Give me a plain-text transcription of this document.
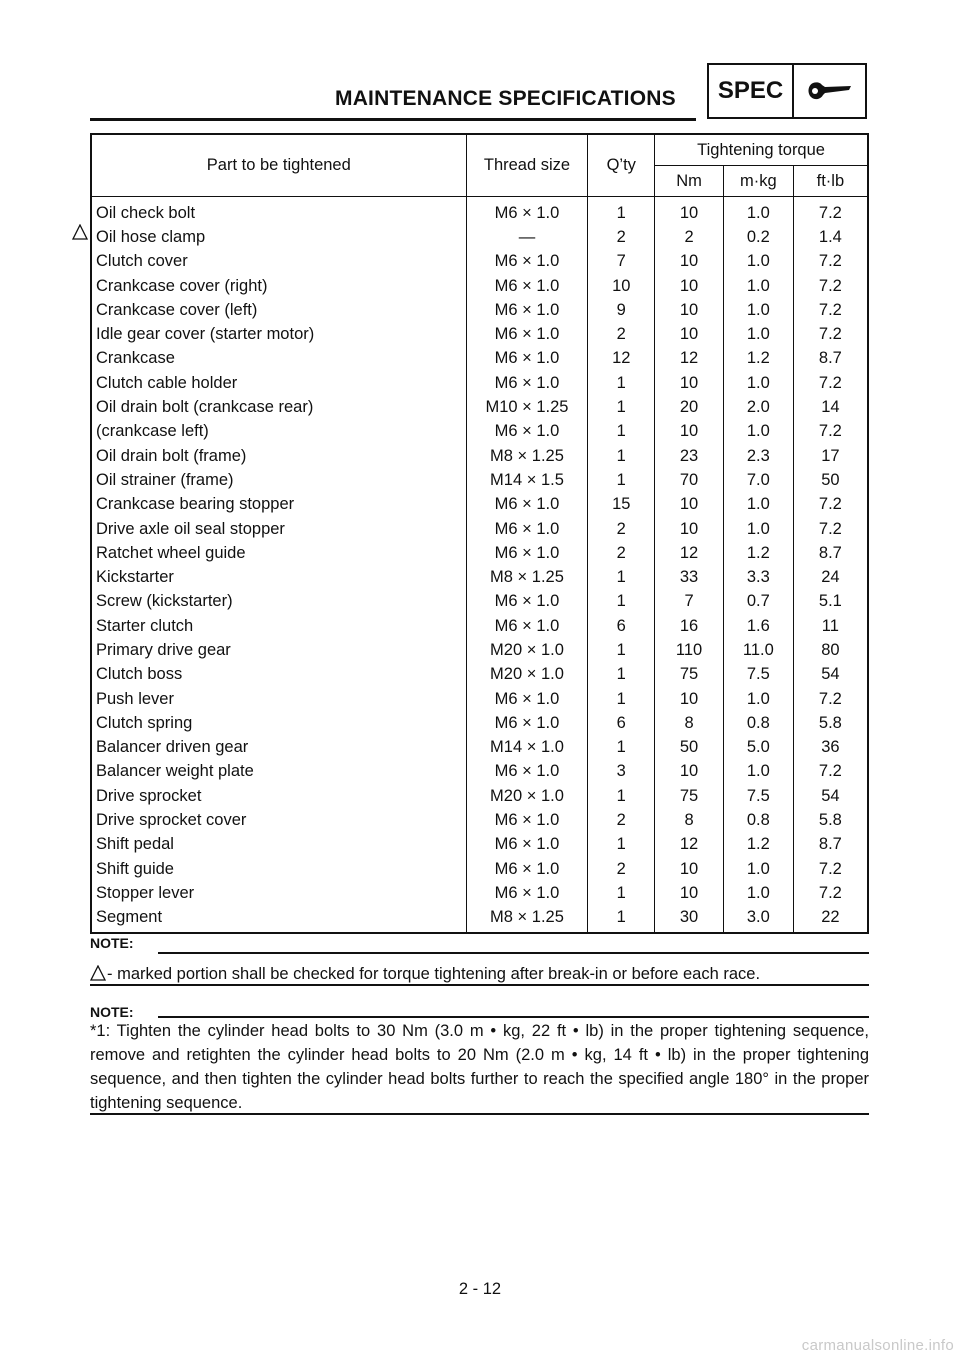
MAINTENANCE SPECIFICATIONS	SPEC
Part to be tightened	Thread size	Q’ty	Tightening torque		
			Nm	m·kg	ft·lb
Oil check bolt	M6 × 1.0	1	10	1.0	7.2
Oil hose clamp	—	2	2	0.2	1.4
Clutch cover	M6 × 1.0	7	10	1.0	7.2
Crankcase cover (right)	M6 × 1.0	10	10	1.0	7.2
Crankcase cover (left)	M6 × 1.0	9	10	1.0	7.2
Idle gear cover (starter motor)	M6 × 1.0	2	10	1.0	7.2
Crankcase	M6 × 1.0	12	12	1.2	8.7
Clutch cable holder	M6 × 1.0	1	10	1.0	7.2
Oil drain bolt (crankcase rear)	M10 × 1.25	1	20	2.0	14
(crankcase left)	M6 × 1.0	1	10	1.0	7.2
Oil drain bolt (frame)	M8 × 1.25	1	23	2.3	17
Oil strainer (frame)	M14 × 1.5	1	70	7.0	50
Crankcase bearing stopper	M6 × 1.0	15	10	1.0	7.2
Drive axle oil seal stopper	M6 × 1.0	2	10	1.0	7.2
Ratchet wheel guide	M6 × 1.0	2	12	1.2	8.7
Kickstarter	M8 × 1.25	1	33	3.3	24
Screw (kickstarter)	M6 × 1.0	1	7	0.7	5.1
Starter clutch	M6 × 1.0	6	16	1.6	11
Primary drive gear	M20 × 1.0	1	110	11.0	80
Clutch boss	M20 × 1.0	1	75	7.5	54
Push lever	M6 × 1.0	1	10	1.0	7.2
Clutch spring	M6 × 1.0	6	8	0.8	5.8
Balancer driven gear	M14 × 1.0	1	50	5.0	36
Balancer weight plate	M6 × 1.0	3	10	1.0	7.2
Drive sprocket	M20 × 1.0	1	75	7.5	54
Drive sprocket cover	M6 × 1.0	2	8	0.8	5.8
Shift pedal	M6 × 1.0	1	12	1.2	8.7
Shift guide	M6 × 1.0	2	10	1.0	7.2
Stopper lever	M6 × 1.0	1	10	1.0	7.2
Segment	M8 × 1.25	1	30	3.0	22
NOTE:
- marked portion shall be checked for torque tightening after break-in or before each race.
NOTE:
*1: Tighten the cylinder head bolts to 30 Nm (3.0 m • kg, 22 ft • lb) in the proper tightening sequence, remove and retighten the cylinder head bolts to 20 Nm (2.0 m • kg, 14 ft • lb) in the proper tightening sequence, and then tighten the cylinder head bolts further to reach the specified angle 180° in the proper tightening sequence.
2 - 12
carmanualsonline.info
